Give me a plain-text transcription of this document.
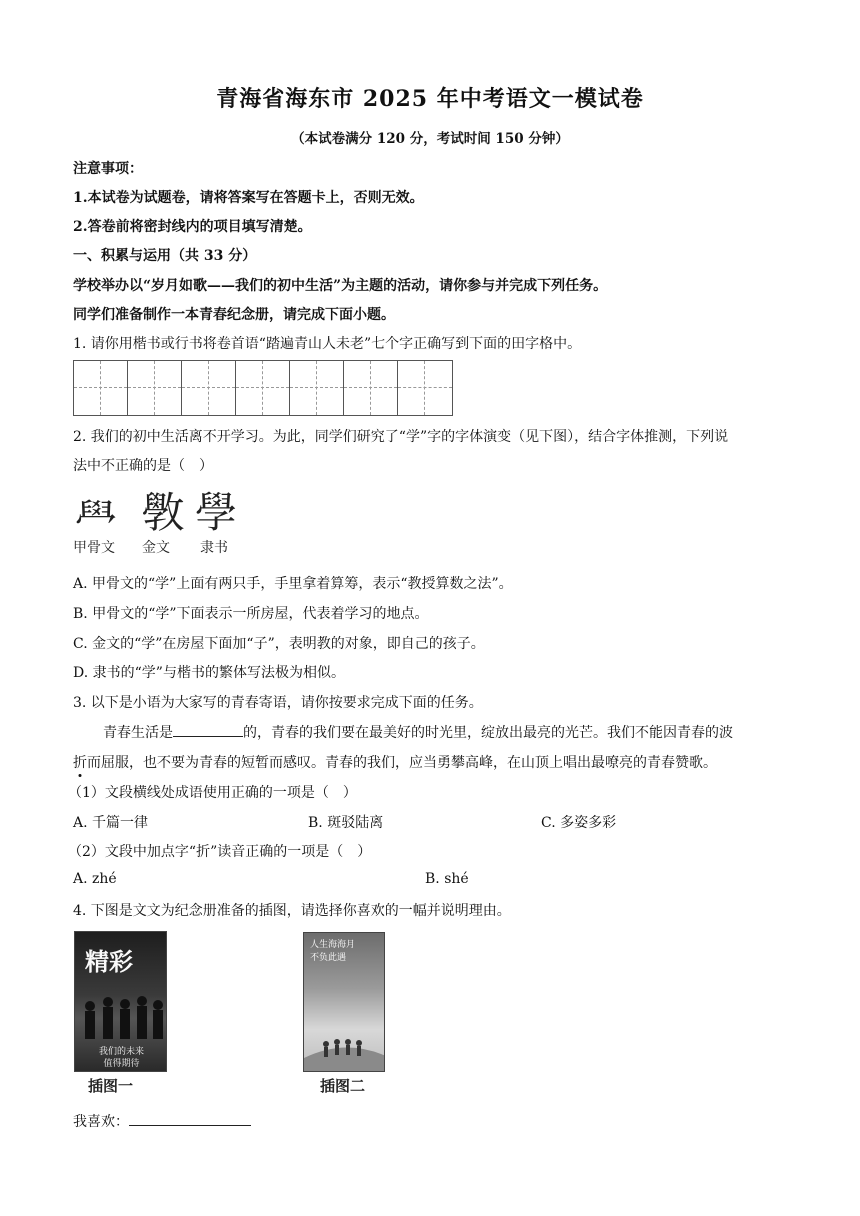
青海省海东市 2025 年中考语文一模试卷
（本试卷满分 120 分，考试时间 150 分钟）
注意事项：
1.本试卷为试题卷，请将答案写在答题卡上，否则无效。
2.答卷前将密封线内的项目填写清楚。
一、积累与运用（共 33 分）
学校举办以“岁月如歌——我们的初中生活”为主题的活动，请你参与并完成下列任务。
同学们准备制作一本青春纪念册，请完成下面小题。
1. 请你用楷书或行书将卷首语“踏遍青山人未老”七个字正确写到下面的田字格中。
2. 我们的初中生活离不开学习。为此，同学们研究了“学”字的字体演变（见下图），结合字体推测，下列说
法中不正确的是（　）
𦥯 斆 學
甲骨文 金文 隶书
A. 甲骨文的“学”上面有两只手，手里拿着算筹，表示“教授算数之法”。
B. 甲骨文的“学”下面表示一所房屋，代表着学习的地点。
C. 金文的“学”在房屋下面加“子”，表明教的对象，即自己的孩子。
D. 隶书的“学”与楷书的繁体写法极为相似。
3. 以下是小语为大家写的青春寄语，请你按要求完成下面的任务。
青春生活是	的，青春的我们要在最美好的时光里，绽放出最亮的光芒。我们不能因青春的波
折而屈服，也不要为青春的短暂而感叹。青春的我们，应当勇攀高峰，在山顶上唱出最嘹亮的青春赞歌。
（1）文段横线处成语使用正确的一项是（　）
A. 千篇一律	B. 斑驳陆离	C. 多姿多彩
（2）文段中加点字“折”读音正确的一项是（　）
A. zhé	B. shé
4. 下图是文文为纪念册准备的插图，请选择你喜欢的一幅并说明理由。
精彩
我们的未来
值得期待
人生海海月
不负此遇
插图一	插图二
我喜欢：
